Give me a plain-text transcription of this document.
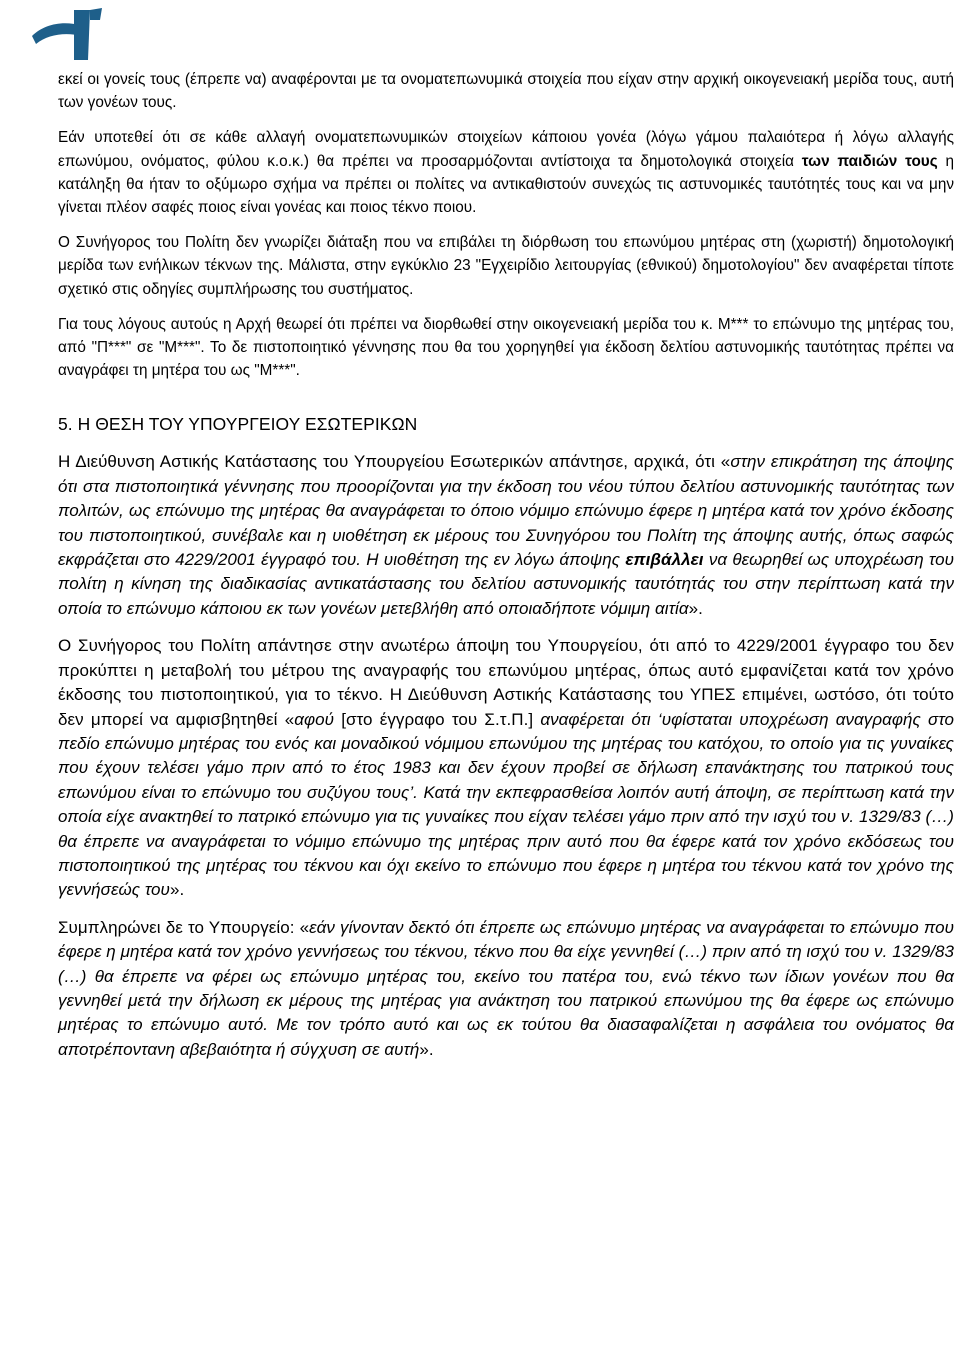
εκεί οι γονείς τους (έπρεπε να) αναφέρονται με τα ονοματεπωνυμικά στοιχεία που είχαν στην αρχική οικογενειακή μερίδα τους, αυτή των γονέων τους.

Εάν υποτεθεί ότι σε κάθε αλλαγή ονοματεπωνυμικών στοιχείων κάποιου γονέα (λόγω γάμου παλαιότερα ή λόγω αλλαγής επωνύμου, ονόματος, φύλου κ.ο.κ.) θα πρέπει να προσαρμόζονται αντίστοιχα τα δημοτολογικά στοιχεία των παιδιών τους η κατάληξη θα ήταν το οξύμωρο σχήμα να πρέπει οι πολίτες να αντικαθιστούν συνεχώς τις αστυνομικές ταυτότητές τους και να μην γίνεται πλέον σαφές ποιος είναι γονέας και ποιος τέκνο ποιου.

Ο Συνήγορος του Πολίτη δεν γνωρίζει διάταξη που να επιβάλει τη διόρθωση του επωνύμου μητέρας στη (χωριστή) δημοτολογική μερίδα των ενήλικων τέκνων της. Μάλιστα, στην εγκύκλιο 23 "Εγχειρίδιο λειτουργίας (εθνικού) δημοτολογίου" δεν αναφέρεται τίποτε σχετικό στις οδηγίες συμπλήρωσης του συστήματος.

Για τους λόγους αυτούς η Αρχή θεωρεί ότι πρέπει να διορθωθεί στην οικογενειακή μερίδα του κ. Μ*** το επώνυμο της μητέρας του, από "Π***" σε "Μ***". Το δε πιστοποιητικό γέννησης που θα του χορηγηθεί για έκδοση δελτίου αστυνομικής ταυτότητας πρέπει να αναγράφει τη μητέρα του ως "Μ***".

5. Η ΘΕΣΗ ΤΟΥ ΥΠΟΥΡΓΕΙΟΥ ΕΣΩΤΕΡΙΚΩΝ

Η Διεύθυνση Αστικής Κατάστασης του Υπουργείου Εσωτερικών απάντησε, αρχικά, ότι «στην επικράτηση της άποψης ότι στα πιστοποιητικά γέννησης που προορίζονται για την έκδοση του νέου τύπου δελτίου αστυνομικής ταυτότητας των πολιτών, ως επώνυμο της μητέρας θα αναγράφεται το όποιο νόμιμο επώνυμο έφερε η μητέρα κατά τον χρόνο έκδοσης του πιστοποιητικού, συνέβαλε και η υιοθέτηση εκ μέρους του Συνηγόρου του Πολίτη της άποψης αυτής, όπως σαφώς εκφράζεται στο 4229/2001 έγγραφό του. Η υιοθέτηση της εν λόγω άποψης επιβάλλει να θεωρηθεί ως υποχρέωση του πολίτη η κίνηση της διαδικασίας αντικατάστασης του δελτίου αστυνομικής ταυτότητάς του στην περίπτωση κατά την οποία το επώνυμο κάποιου εκ των γονέων μετεβλήθη από οποιαδήποτε νόμιμη αιτία».

Ο Συνήγορος του Πολίτη απάντησε στην ανωτέρω άποψη του Υπουργείου, ότι από το 4229/2001 έγγραφο του δεν προκύπτει η μεταβολή του μέτρου της αναγραφής του επωνύμου μητέρας, όπως αυτό εμφανίζεται κατά τον χρόνο έκδοσης του πιστοποιητικού, για το τέκνο. Η Διεύθυνση Αστικής Κατάστασης του ΥΠΕΣ επιμένει, ωστόσο, ότι τούτο δεν μπορεί να αμφισβητηθεί «αφού [στο έγγραφο του Σ.τ.Π.] αναφέρεται ότι ‘υφίσταται υποχρέωση αναγραφής στο πεδίο επώνυμο μητέρας του ενός και μοναδικού νόμιμου επωνύμου της μητέρας του κατόχου, το οποίο για τις γυναίκες που έχουν τελέσει γάμο πριν από το έτος 1983 και δεν έχουν προβεί σε δήλωση επανάκτησης του πατρικού τους επωνύμου είναι το επώνυμο του συζύγου τους’. Κατά την εκπεφρασθείσα λοιπόν αυτή άποψη, σε περίπτωση κατά την οποία είχε ανακτηθεί το πατρικό επώνυμο για τις γυναίκες που είχαν τελέσει γάμο πριν από την ισχύ του ν. 1329/83 (…) θα έπρεπε να αναγράφεται το νόμιμο επώνυμο της μητέρας πριν αυτό που θα έφερε κατά τον χρόνο εκδόσεως του πιστοποιητικού της μητέρας του τέκνου και όχι εκείνο το επώνυμο που έφερε η μητέρα του τέκνου κατά τον χρόνο της γεννήσεώς του».

Συμπληρώνει δε το Υπουργείο: «εάν γίνονταν δεκτό ότι έπρεπε ως επώνυμο μητέρας να αναγράφεται το επώνυμο που έφερε η μητέρα κατά τον χρόνο γεννήσεως του τέκνου, τέκνο που θα είχε γεννηθεί (…) πριν από τη ισχύ του ν. 1329/83 (…) θα έπρεπε να φέρει ως επώνυμο μητέρας του, εκείνο του πατέρα του, ενώ τέκνο των ίδιων γονέων που θα γεννηθεί μετά την δήλωση εκ μέρους της μητέρας για ανάκτηση του πατρικού επωνύμου της θα έφερε ως επώνυμο μητέρας το επώνυμο αυτό. Με τον τρόπο αυτό και ως εκ τούτου θα διασαφαλίζεται η ασφάλεια του ονόματος θα αποτρέποντανη αβεβαιότητα ή σύγχυση σε αυτή».
